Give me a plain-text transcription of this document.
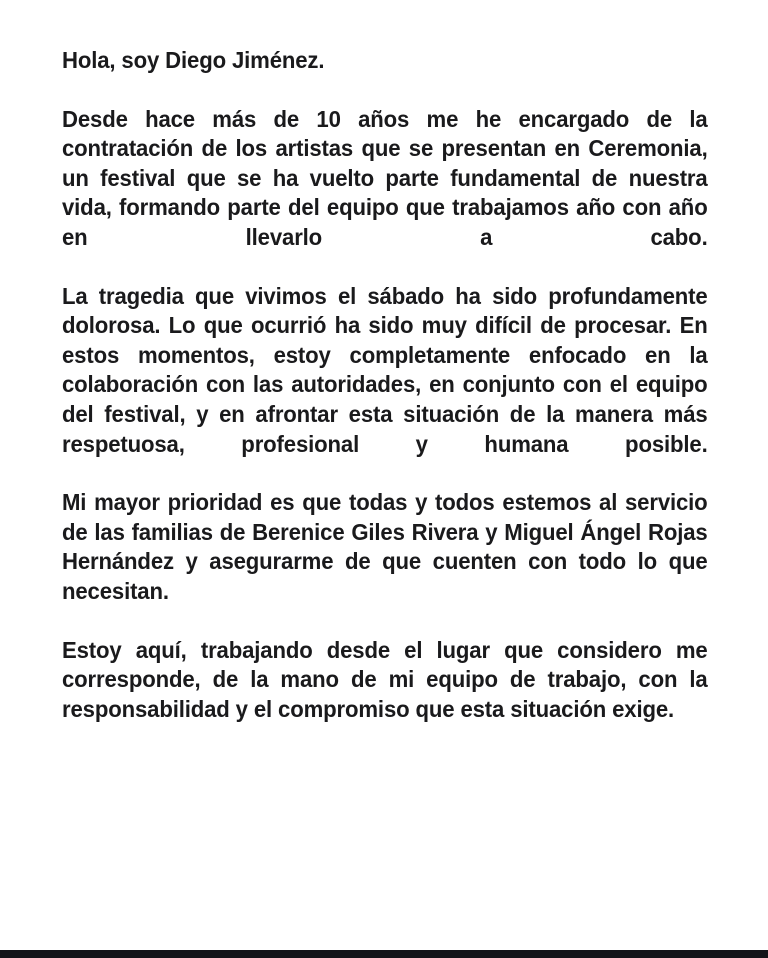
Hola, soy Diego Jiménez.

Desde hace más de 10 años me he encargado de la contratación de los artistas que se presentan en Ceremonia, un festival que se ha vuelto parte fundamental de nuestra vida, formando parte del equipo que trabajamos año con año en llevarlo a cabo.

La tragedia que vivimos el sábado ha sido profundamente dolorosa. Lo que ocurrió ha sido muy difícil de procesar. En estos momentos, estoy completamente enfocado en la colaboración con las autoridades, en conjunto con el equipo del festival, y en afrontar esta situación de la manera más respetuosa, profesional y humana posible.

Mi mayor prioridad es que todas y todos estemos al servicio de las familias de Berenice Giles Rivera y Miguel Ángel Rojas Hernández y asegurarme de que cuenten con todo lo que necesitan.

Estoy aquí, trabajando desde el lugar que considero me corresponde, de la mano de mi equipo de trabajo, con la responsabilidad y el compromiso que esta situación exige.
